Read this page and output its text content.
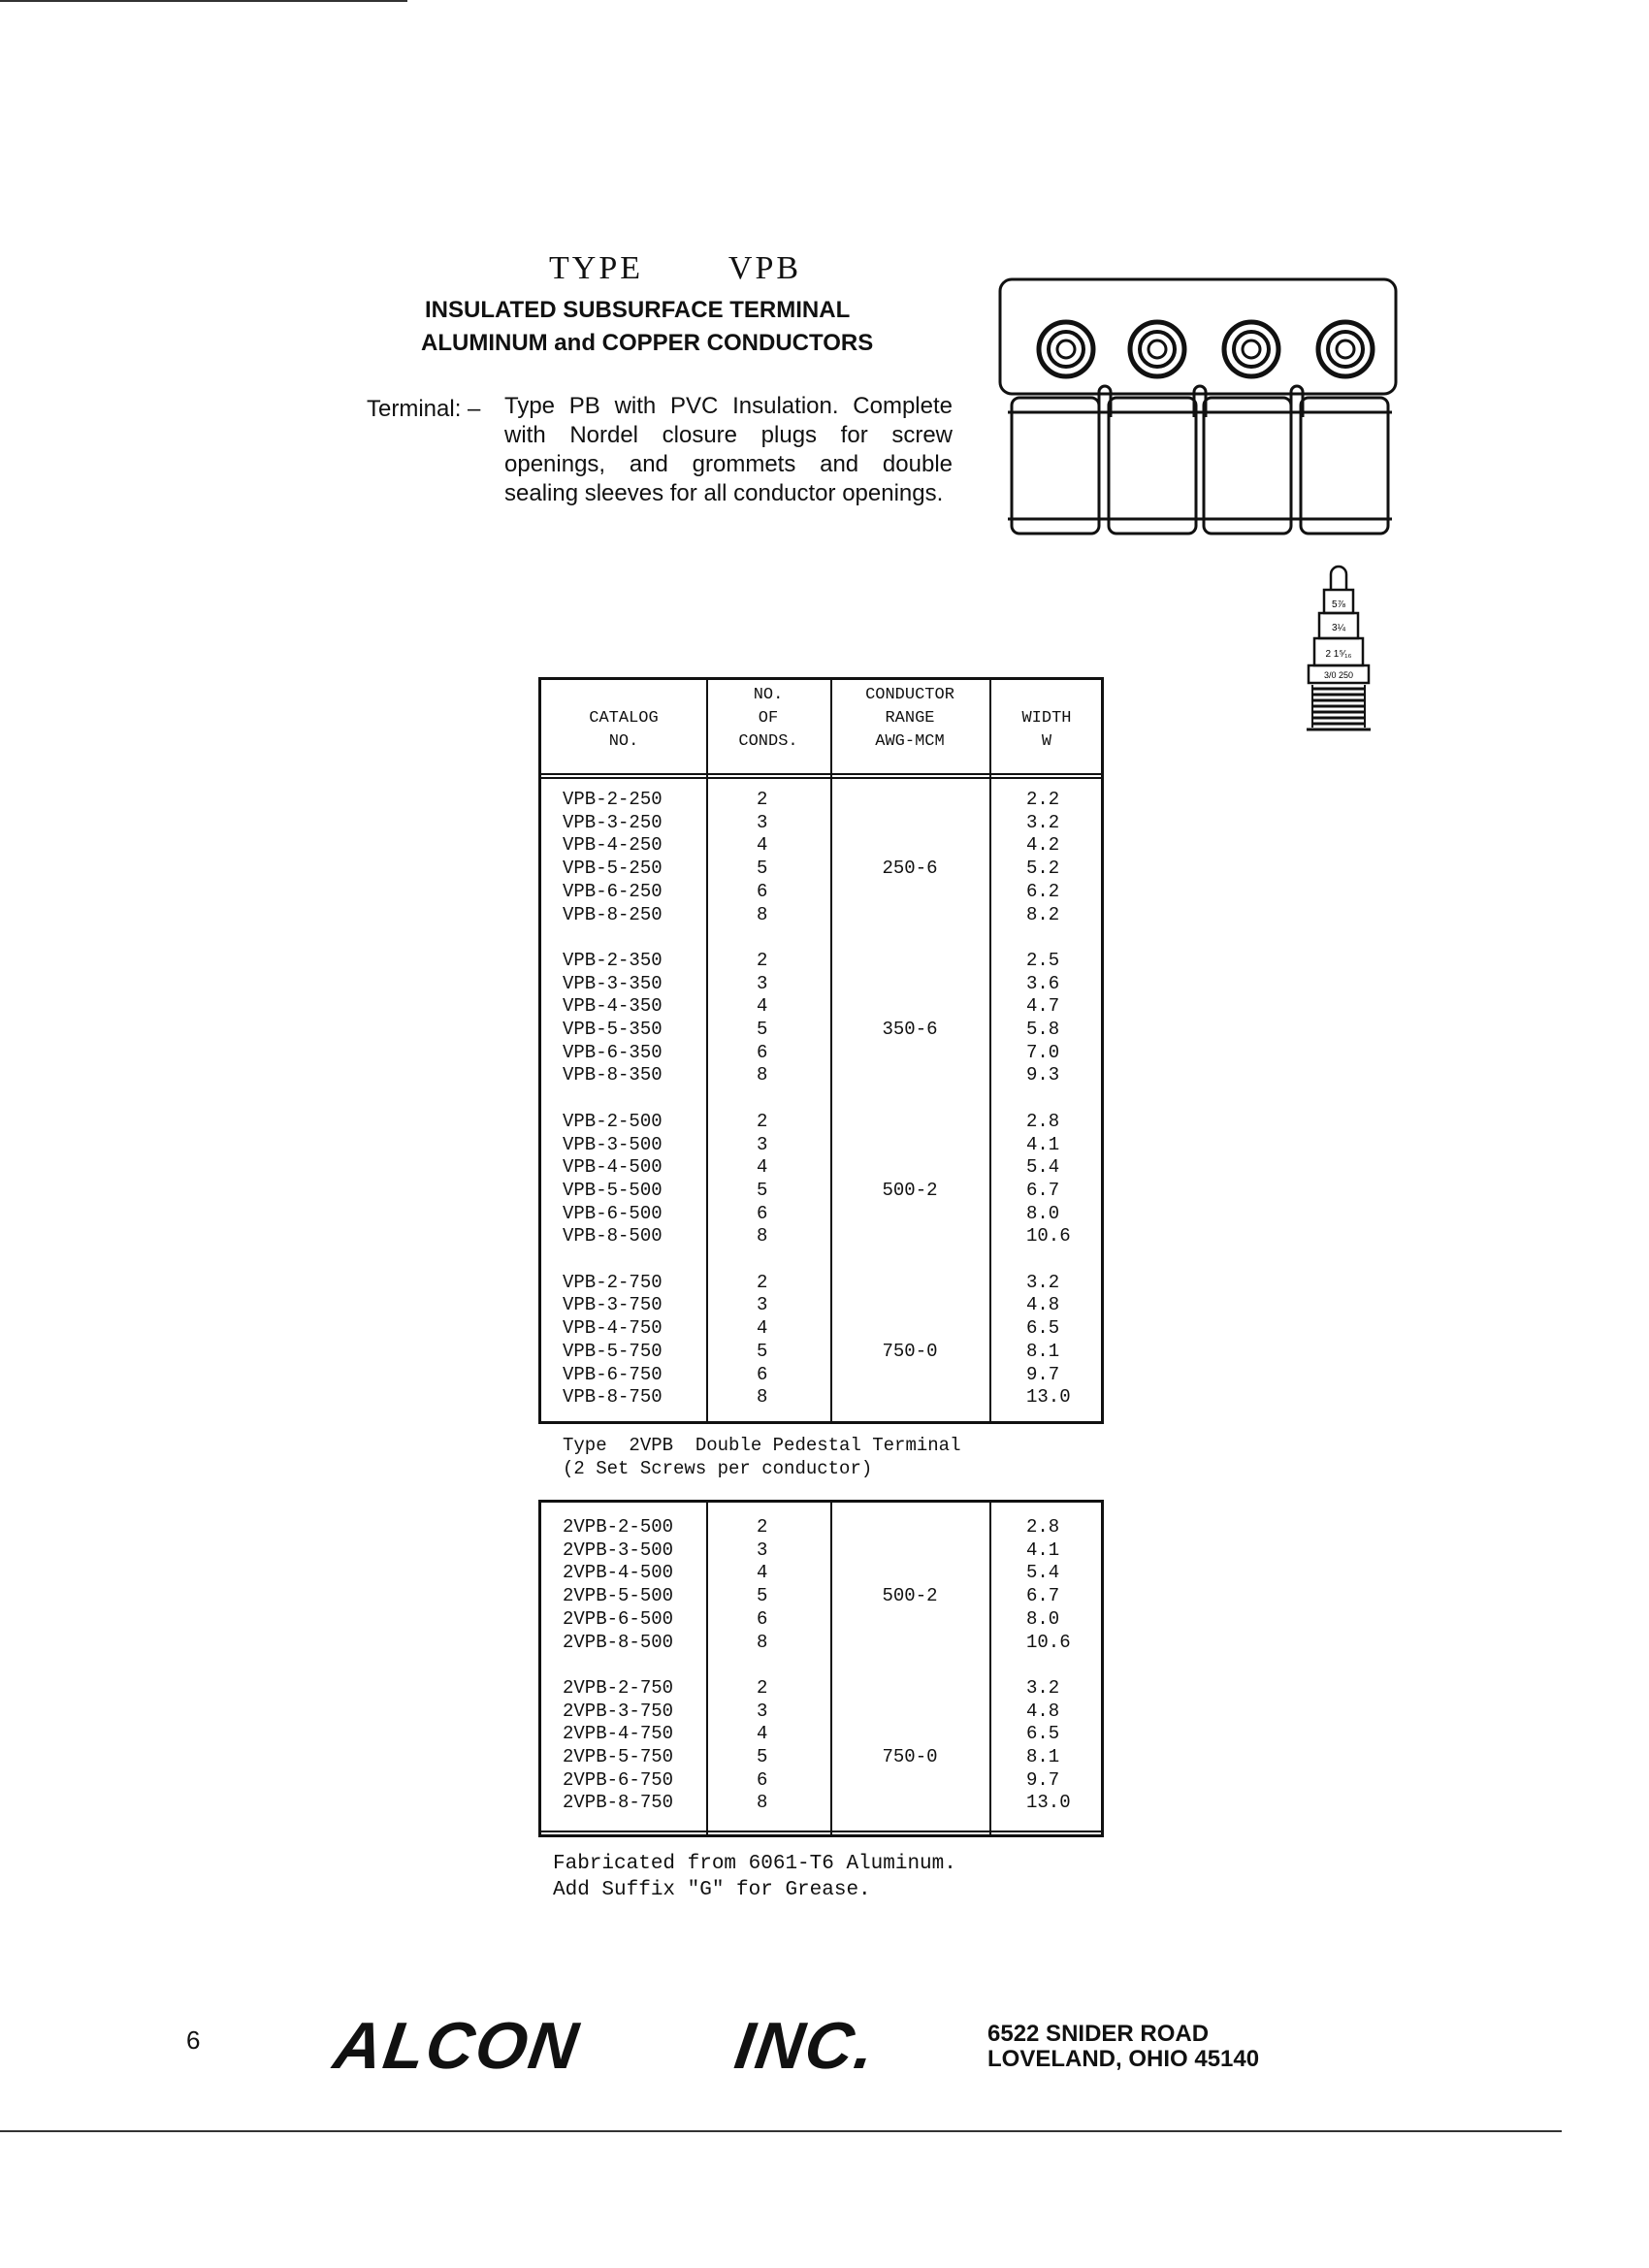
TYPE   VPB
INSULATED SUBSURFACE TERMINAL
ALUMINUM and COPPER CONDUCTORS
Terminal: – Type PB with PVC Insulation. Complete with Nordel closure plugs for screw openings, and grommets and double sealing sleeves for all conductor openings.
5⅞
3¼
2 1⁵⁄₁₆
3/0 250
CATALOG
NO.
NO.
OF
CONDS.
CONDUCTOR
RANGE
AWG-MCM
WIDTH
W
VPB-2-250
VPB-3-250
VPB-4-250
VPB-5-250
VPB-6-250
VPB-8-250

VPB-2-350
VPB-3-350
VPB-4-350
VPB-5-350
VPB-6-350
VPB-8-350

VPB-2-500
VPB-3-500
VPB-4-500
VPB-5-500
VPB-6-500
VPB-8-500

VPB-2-750
VPB-3-750
VPB-4-750
VPB-5-750
VPB-6-750
VPB-8-750
2
3
4
5
6
8

2
3
4
5
6
8

2
3
4
5
6
8

2
3
4
5
6
8

250-6

350-6

500-2

750-0
2.2
3.2
4.2
5.2
6.2
8.2

2.5
3.6
4.7
5.8
7.0
9.3

2.8
4.1
5.4
6.7
8.0
10.6

3.2
4.8
6.5
8.1
9.7
13.0
Type  2VPB  Double Pedestal Terminal
(2 Set Screws per conductor)
2VPB-2-500
2VPB-3-500
2VPB-4-500
2VPB-5-500
2VPB-6-500
2VPB-8-500

2VPB-2-750
2VPB-3-750
2VPB-4-750
2VPB-5-750
2VPB-6-750
2VPB-8-750
2
3
4
5
6
8

2
3
4
5
6
8

500-2

750-0
2.8
4.1
5.4
6.7
8.0
10.6

3.2
4.8
6.5
8.1
9.7
13.0
Fabricated from 6061-T6 Aluminum.
Add Suffix "G" for Grease.
6 ALCON  INC.	6522 SNIDER ROAD
LOVELAND, OHIO 45140
